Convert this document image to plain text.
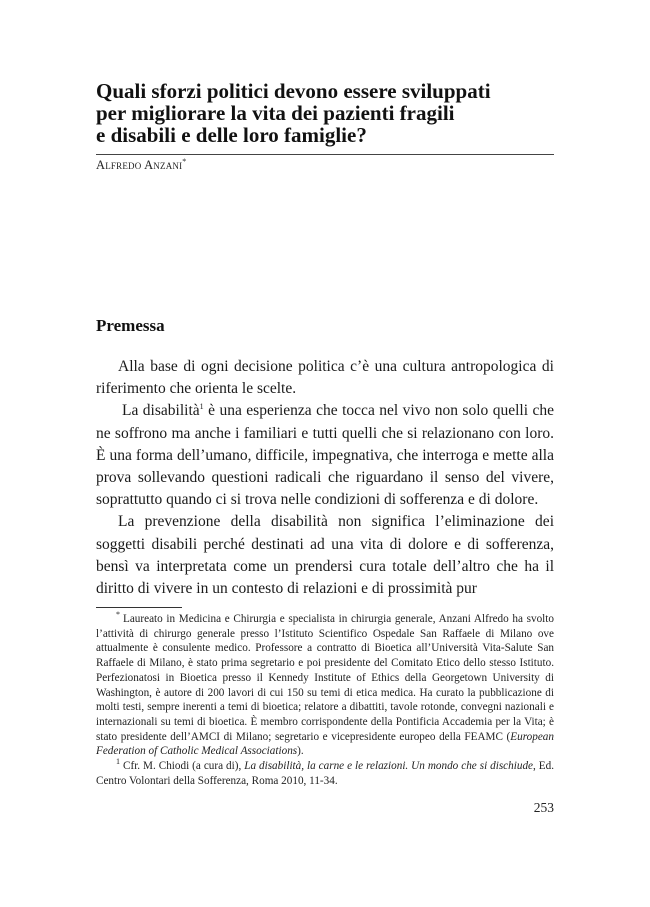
Quali sforzi politici devono essere sviluppati
per migliorare la vita dei pazienti fragili
e disabili e delle loro famiglie?
Alfredo Anzani*
Premessa

Alla base di ogni decisione politica c’è una cultura antropologica di riferimento che orienta le scelte.

La disabilità$^1$ è una esperienza che tocca nel vivo non solo quelli che ne soffrono ma anche i familiari e tutti quelli che si relazionano con loro. È una forma dell’umano, difficile, impegnativa, che interroga e mette alla prova sollevando questioni radicali che riguardano il senso del vivere, soprattutto quando ci si trova nelle condizioni di sofferenza e di dolore.

La prevenzione della disabilità non significa l’eliminazione dei soggetti disabili perché destinati ad una vita di dolore e di sofferenza, bensì va interpretata come un prendersi cura totale dell’altro che ha il diritto di vivere in un contesto di relazioni e di prossimità pur

* Laureato in Medicina e Chirurgia e specialista in chirurgia generale, Anzani Alfredo ha svolto l’attività di chirurgo generale presso l’Istituto Scientifico Ospedale San Raffaele di Milano ove attualmente è consulente medico. Professore a contratto di Bioetica all’Università Vita-Salute San Raffaele di Milano, è stato prima segretario e poi presidente del Comitato Etico dello stesso Istituto. Perfezionatosi in Bioetica presso il Kennedy Institute of Ethics della Georgetown University di Washington, è autore di 200 lavori di cui 150 su temi di etica medica. Ha curato la pubblicazione di molti testi, sempre inerenti a temi di bioetica; relatore a dibattiti, tavole rotonde, convegni nazionali e internazionali su temi di bioetica. È membro corrispondente della Pontificia Accademia per la Vita; è stato presidente dell’AMCI di Milano; segretario e vicepresidente europeo della FEAMC (European Federation of Catholic Medical Associations).

$^1$ Cfr. M. Chiodi (a cura di), La disabilità, la carne e le relazioni. Un mondo che si dischiude, Ed. Centro Volontari della Sofferenza, Roma 2010, 11-34.

253
